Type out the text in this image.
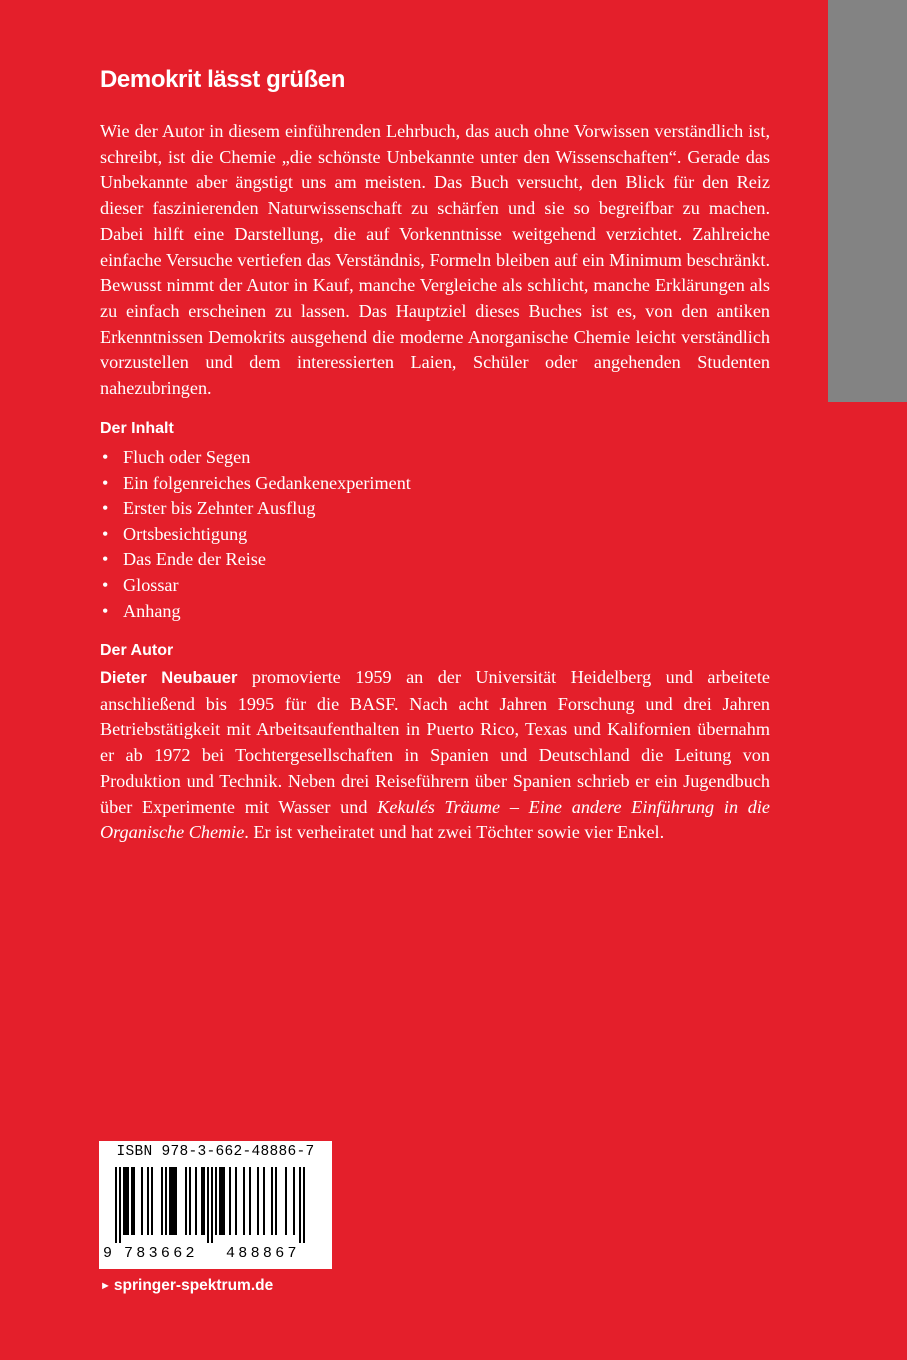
Demokrit lässt grüßen

Wie der Autor in diesem einführenden Lehrbuch, das auch ohne Vorwissen verständlich ist, schreibt, ist die Chemie „die schönste Unbekannte unter den Wissenschaften“. Gerade das Unbekannte aber ängstigt uns am meisten. Das Buch versucht, den Blick für den Reiz dieser faszinierenden Naturwissenschaft zu schärfen und sie so begreifbar zu machen. Dabei hilft eine Darstellung, die auf Vorkenntnisse weitgehend verzichtet. Zahlreiche einfache Versuche vertiefen das Verständnis, Formeln bleiben auf ein Minimum beschränkt. Bewusst nimmt der Autor in Kauf, manche Vergleiche als schlicht, manche Erklärungen als zu einfach erscheinen zu lassen. Das Hauptziel dieses Buches ist es, von den antiken Erkenntnissen Demokrits ausgehend die moderne Anorganische Chemie leicht verständlich vorzustellen und dem interessierten Laien, Schüler oder angehenden Studenten nahezubringen.

Der Inhalt
• Fluch oder Segen
• Ein folgenreiches Gedankenexperiment
• Erster bis Zehnter Ausflug
• Ortsbesichtigung
• Das Ende der Reise
• Glossar
• Anhang
Der Autor

Dieter Neubauer promovierte 1959 an der Universität Heidelberg und arbeitete anschließend bis 1995 für die BASF. Nach acht Jahren Forschung und drei Jahren Betriebstätigkeit mit Arbeitsaufenthalten in Puerto Rico, Texas und Kalifornien übernahm er ab 1972 bei Tochtergesellschaften in Spanien und Deutschland die Leitung von Produktion und Technik. Neben drei Reiseführern über Spanien schrieb er ein Jugendbuch über Experimente mit Wasser und Kekulés Träume – Eine andere Einführung in die Organische Chemie. Er ist verheiratet und hat zwei Töchter sowie vier Enkel.

ISBN 978-3-662-48886-7
9 783662 488867
► springer-spektrum.de
